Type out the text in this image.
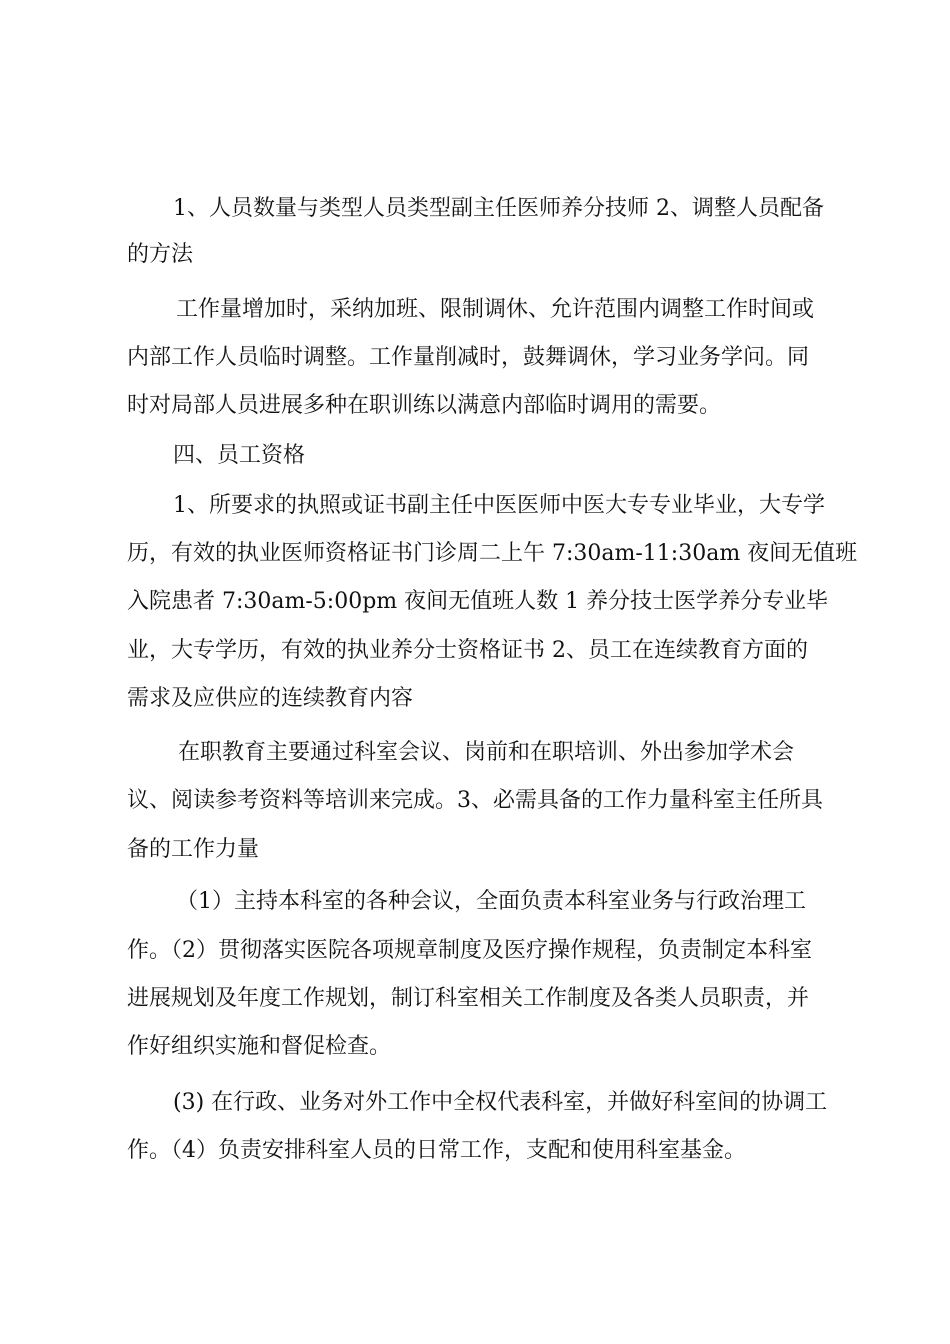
1、人员数量与类型人员类型副主任医师养分技师 2、调整人员配备

的方法

工作量增加时，采纳加班、限制调休、允许范围内调整工作时间或

内部工作人员临时调整。工作量削减时，鼓舞调休，学习业务学问。同

时对局部人员进展多种在职训练以满意内部临时调用的需要。

四、员工资格

1、所要求的执照或证书副主任中医医师中医大专专业毕业，大专学

历，有效的执业医师资格证书门诊周二上午 7:30am-11:30am 夜间无值班

入院患者 7:30am-5:00pm 夜间无值班人数 1 养分技士医学养分专业毕

业，大专学历，有效的执业养分士资格证书 2、员工在连续教育方面的

需求及应供应的连续教育内容

在职教育主要通过科室会议、岗前和在职培训、外出参加学术会

议、阅读参考资料等培训来完成。3、必需具备的工作力量科室主任所具

备的工作力量

（1）主持本科室的各种会议，全面负责本科室业务与行政治理工

作。（2）贯彻落实医院各项规章制度及医疗操作规程，负责制定本科室

进展规划及年度工作规划，制订科室相关工作制度及各类人员职责，并

作好组织实施和督促检查。

(3) 在行政、业务对外工作中全权代表科室，并做好科室间的协调工

作。（4）负责安排科室人员的日常工作，支配和使用科室基金。
